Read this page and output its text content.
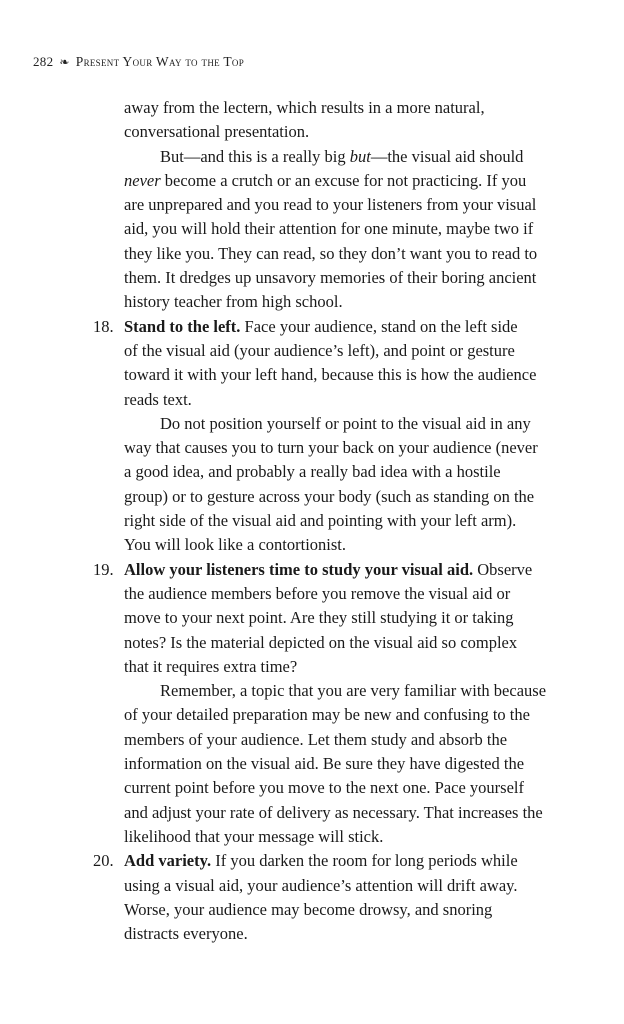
282 ❧ Present Your Way to the Top
away from the lectern, which results in a more natural,
conversational presentation.
But—and this is a really big but—the visual aid should
never become a crutch or an excuse for not practicing. If you
are unprepared and you read to your listeners from your visual
aid, you will hold their attention for one minute, maybe two if
they like you. They can read, so they don’t want you to read to
them. It dredges up unsavory memories of their boring ancient
history teacher from high school.
18. Stand to the left. Face your audience, stand on the left side
of the visual aid (your audience’s left), and point or gesture
toward it with your left hand, because this is how the audience
reads text.
Do not position yourself or point to the visual aid in any
way that causes you to turn your back on your audience (never
a good idea, and probably a really bad idea with a hostile
group) or to gesture across your body (such as standing on the
right side of the visual aid and pointing with your left arm).
You will look like a contortionist.
19. Allow your listeners time to study your visual aid. Observe
the audience members before you remove the visual aid or
move to your next point. Are they still studying it or taking
notes? Is the material depicted on the visual aid so complex
that it requires extra time?
Remember, a topic that you are very familiar with because
of your detailed preparation may be new and confusing to the
members of your audience. Let them study and absorb the
information on the visual aid. Be sure they have digested the
current point before you move to the next one. Pace yourself
and adjust your rate of delivery as necessary. That increases the
likelihood that your message will stick.
20. Add variety. If you darken the room for long periods while
using a visual aid, your audience’s attention will drift away.
Worse, your audience may become drowsy, and snoring
distracts everyone.
